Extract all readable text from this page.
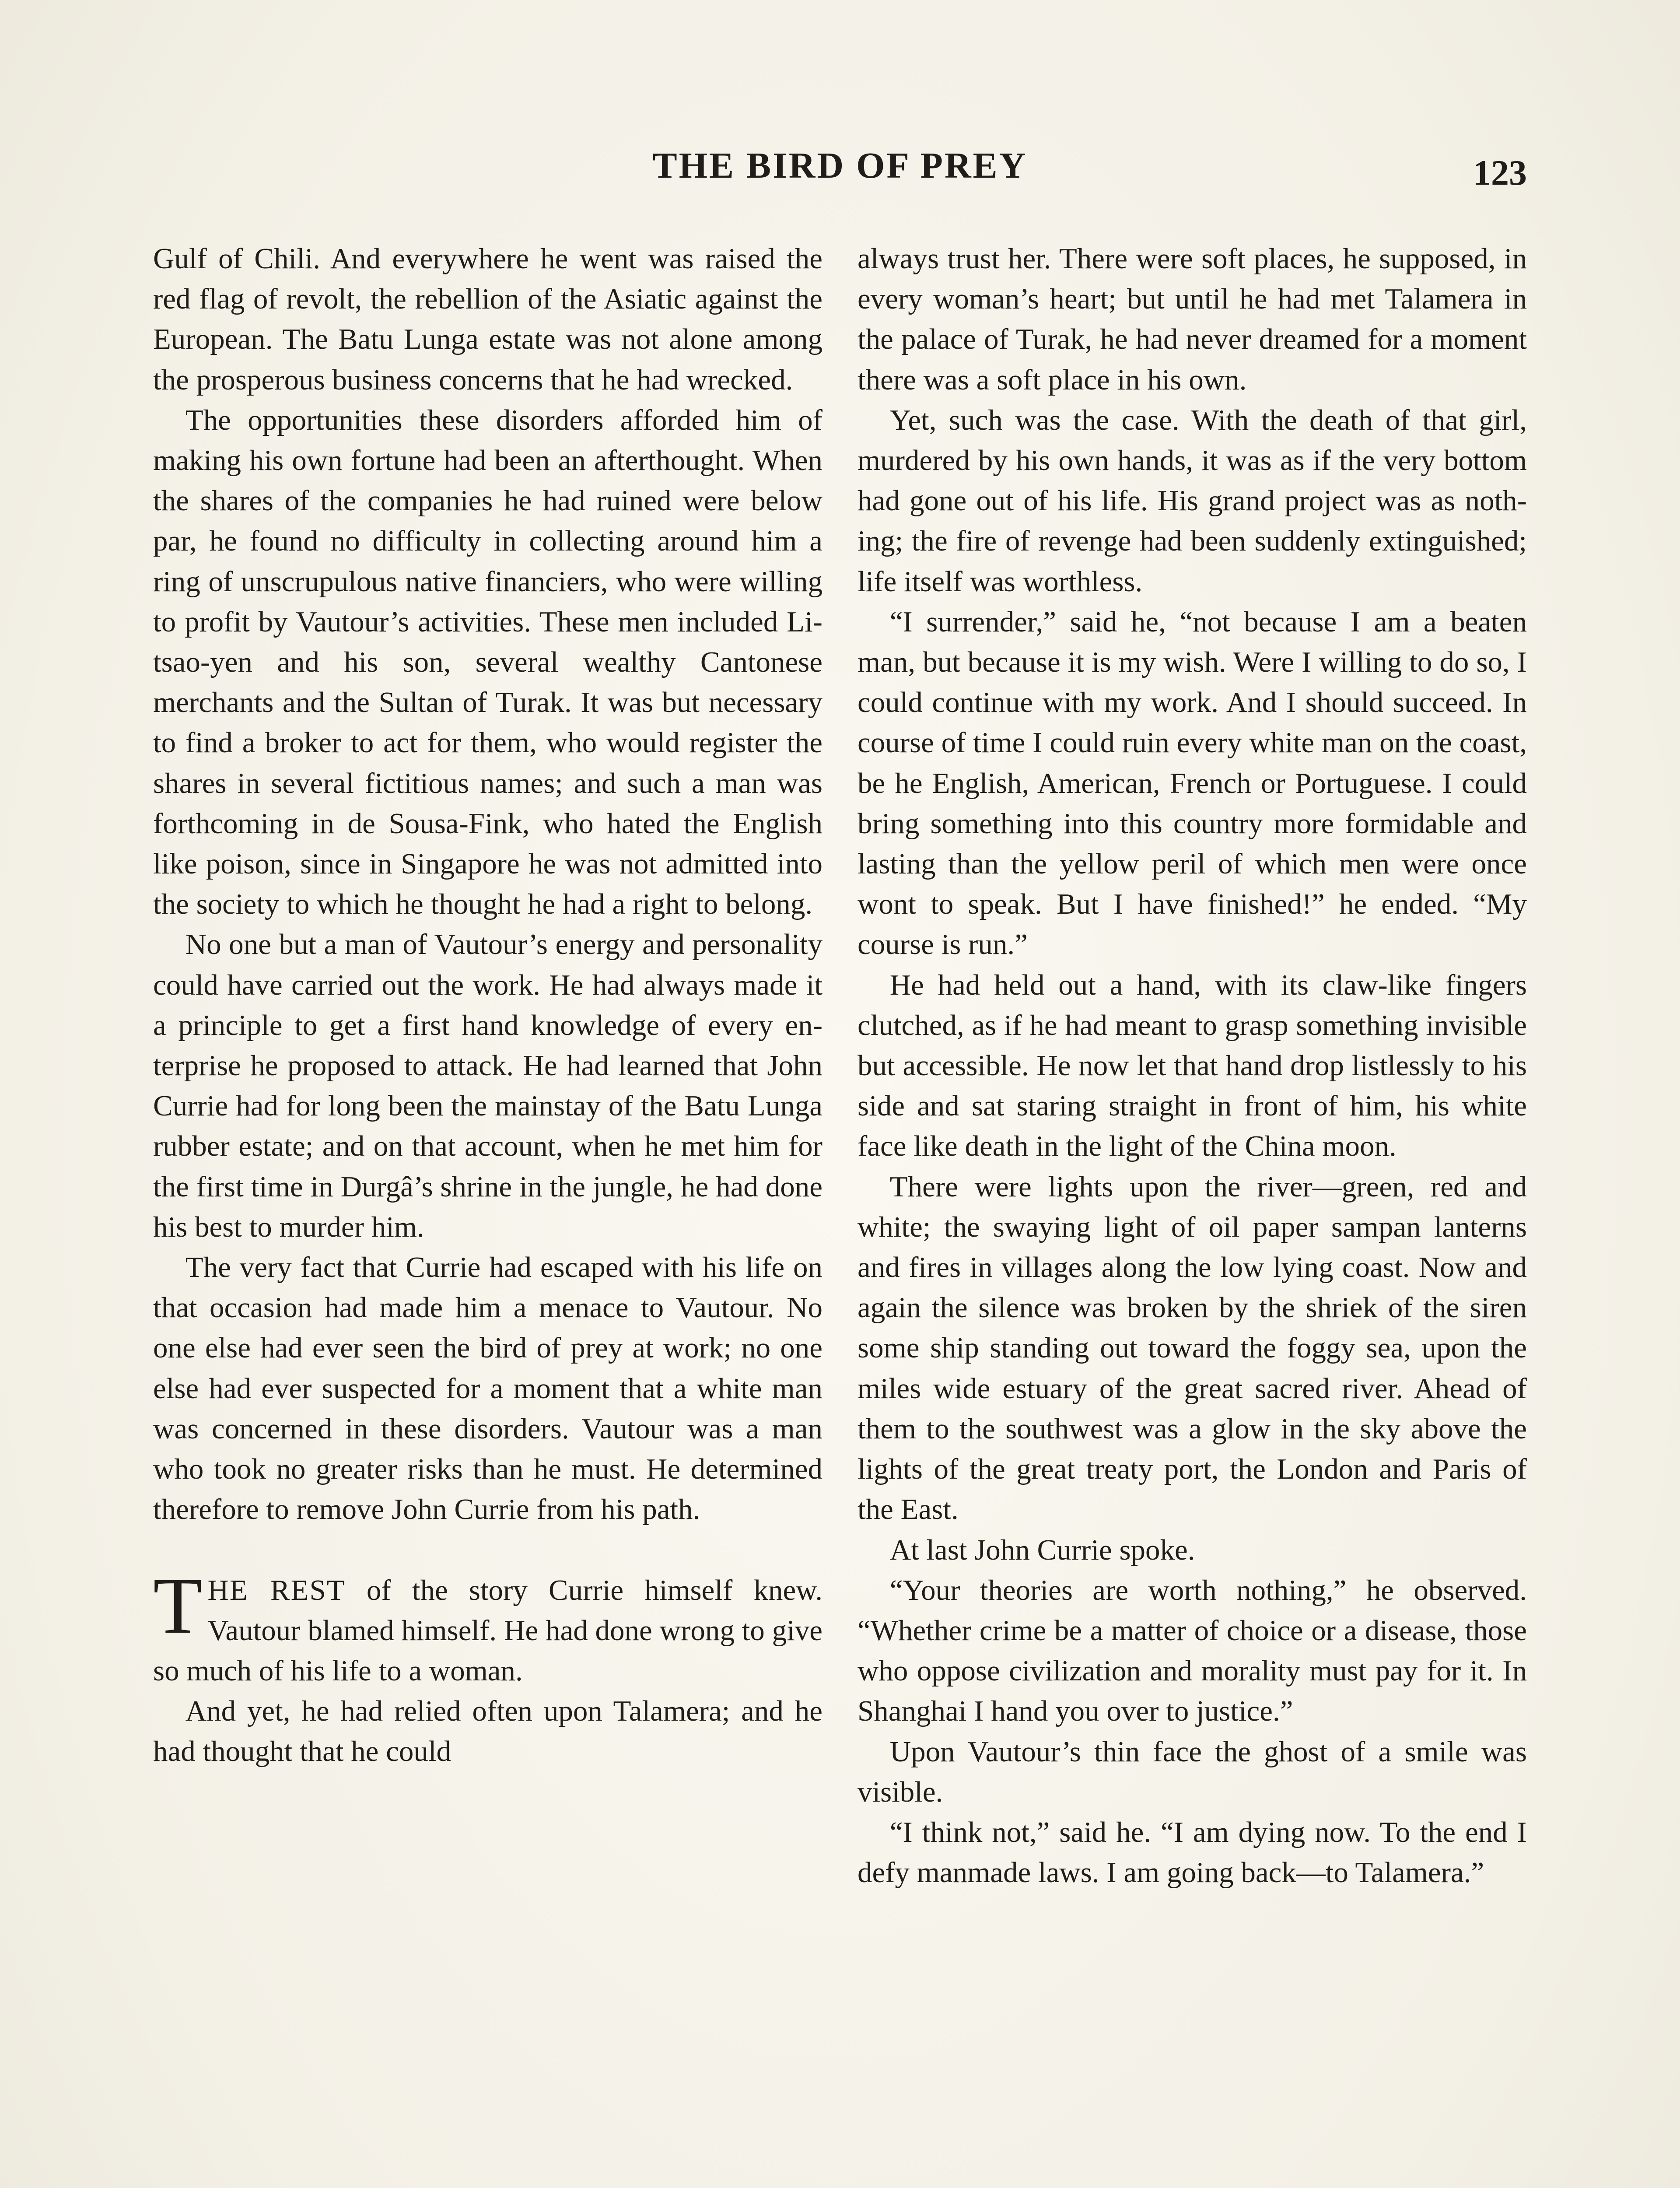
THE BIRD OF PREY	123

Gulf of Chili. And everywhere he went was raised the red flag of revolt, the rebellion of the Asiatic against the European. The Batu Lunga estate was not alone among the prosperous business concerns that he had wrecked.

The opportunities these disorders afforded him of making his own fortune had been an afterthought. When the shares of the companies he had ruined were below par, he found no difficulty in collecting around him a ring of unscrupulous native financiers, who were willing to profit by Vautour’s activities. These men included Li-tsao-yen and his son, several wealthy Cantonese merchants and the Sultan of Turak. It was but necessary to find a broker to act for them, who would register the shares in several fictitious names; and such a man was forthcoming in de Sousa-Fink, who hated the English like poison, since in Singapore he was not admitted into the society to which he thought he had a right to belong.

No one but a man of Vautour’s energy and personality could have carried out the work. He had always made it a principle to get a first hand knowledge of every enterprise he proposed to attack. He had learned that John Currie had for long been the mainstay of the Batu Lunga rubber estate; and on that account, when he met him for the first time in Durgâ’s shrine in the jungle, he had done his best to murder him.

The very fact that Currie had escaped with his life on that occasion had made him a menace to Vautour. No one else had ever seen the bird of prey at work; no one else had ever suspected for a moment that a white man was concerned in these disorders. Vautour was a man who took no greater risks than he must. He determined therefore to remove John Currie from his path.

THE REST of the story Currie himself knew. Vautour blamed himself. He had done wrong to give so much of his life to a woman.

And yet, he had relied often upon Talamera; and he had thought that he could

always trust her. There were soft places, he supposed, in every woman’s heart; but until he had met Talamera in the palace of Turak, he had never dreamed for a moment there was a soft place in his own.

Yet, such was the case. With the death of that girl, murdered by his own hands, it was as if the very bottom had gone out of his life. His grand project was as nothing; the fire of revenge had been suddenly extinguished; life itself was worthless.

“I surrender,” said he, “not because I am a beaten man, but because it is my wish. Were I willing to do so, I could continue with my work. And I should succeed. In course of time I could ruin every white man on the coast, be he English, American, French or Portuguese. I could bring something into this country more formidable and lasting than the yellow peril of which men were once wont to speak. But I have finished!” he ended. “My course is run.”

He had held out a hand, with its claw-like fingers clutched, as if he had meant to grasp something invisible but accessible. He now let that hand drop listlessly to his side and sat staring straight in front of him, his white face like death in the light of the China moon.

There were lights upon the river—green, red and white; the swaying light of oil paper sampan lanterns and fires in villages along the low lying coast. Now and again the silence was broken by the shriek of the siren some ship standing out toward the foggy sea, upon the miles wide estuary of the great sacred river. Ahead of them to the southwest was a glow in the sky above the lights of the great treaty port, the London and Paris of the East.

At last John Currie spoke.

“Your theories are worth nothing,” he observed. “Whether crime be a matter of choice or a disease, those who oppose civilization and morality must pay for it. In Shanghai I hand you over to justice.”

Upon Vautour’s thin face the ghost of a smile was visible.

“I think not,” said he. “I am dying now. To the end I defy manmade laws. I am going back—to Talamera.”
